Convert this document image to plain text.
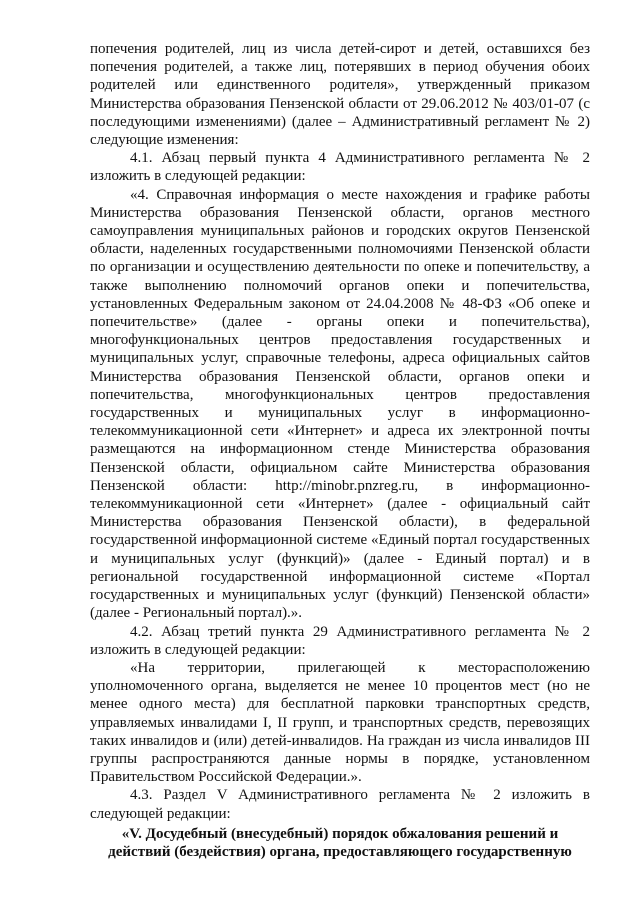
попечения родителей, лиц из числа детей-сирот и детей, оставшихся без попечения родителей, а также лиц, потерявших в период обучения обоих родителей или единственного родителя», утвержденный приказом Министерства образования Пензенской области от 29.06.2012 № 403/01-07 (с последующими изменениями) (далее – Административный регламент № 2) следующие изменения:

4.1. Абзац первый пункта 4 Административного регламента № 2 изложить в следующей редакции:

«4. Справочная информация о месте нахождения и графике работы Министерства образования Пензенской области, органов местного самоуправления муниципальных районов и городских округов Пензенской области, наделенных государственными полномочиями Пензенской области по организации и осуществлению деятельности по опеке и попечительству, а также выполнению полномочий органов опеки и попечительства, установленных Федеральным законом от 24.04.2008 № 48-ФЗ «Об опеке и попечительстве» (далее - органы опеки и попечительства), многофункциональных центров предоставления государственных и муниципальных услуг, справочные телефоны, адреса официальных сайтов Министерства образования Пензенской области, органов опеки и попечительства, многофункциональных центров предоставления государственных и муниципальных услуг в информационно-телекоммуникационной сети «Интернет» и адреса их электронной почты размещаются на информационном стенде Министерства образования Пензенской области, официальном сайте Министерства образования Пензенской области: http://minobr.pnzreg.ru, в информационно-телекоммуникационной сети «Интернет» (далее - официальный сайт Министерства образования Пензенской области), в федеральной государственной информационной системе «Единый портал государственных и муниципальных услуг (функций)» (далее - Единый портал) и в региональной государственной информационной системе «Портал государственных и муниципальных услуг (функций) Пензенской области» (далее - Региональный портал).».

4.2. Абзац третий пункта 29 Административного регламента № 2 изложить в следующей редакции:

«На территории, прилегающей к месторасположению уполномоченного органа, выделяется не менее 10 процентов мест (но не менее одного места) для бесплатной парковки транспортных средств, управляемых инвалидами I, II групп, и транспортных средств, перевозящих таких инвалидов и (или) детей-инвалидов. На граждан из числа инвалидов III группы распространяются данные нормы в порядке, установленном Правительством Российской Федерации.».

4.3. Раздел V Административного регламента № 2 изложить в следующей редакции:

«V. Досудебный (внесудебный) порядок обжалования решений и действий (бездействия) органа, предоставляющего государственную
